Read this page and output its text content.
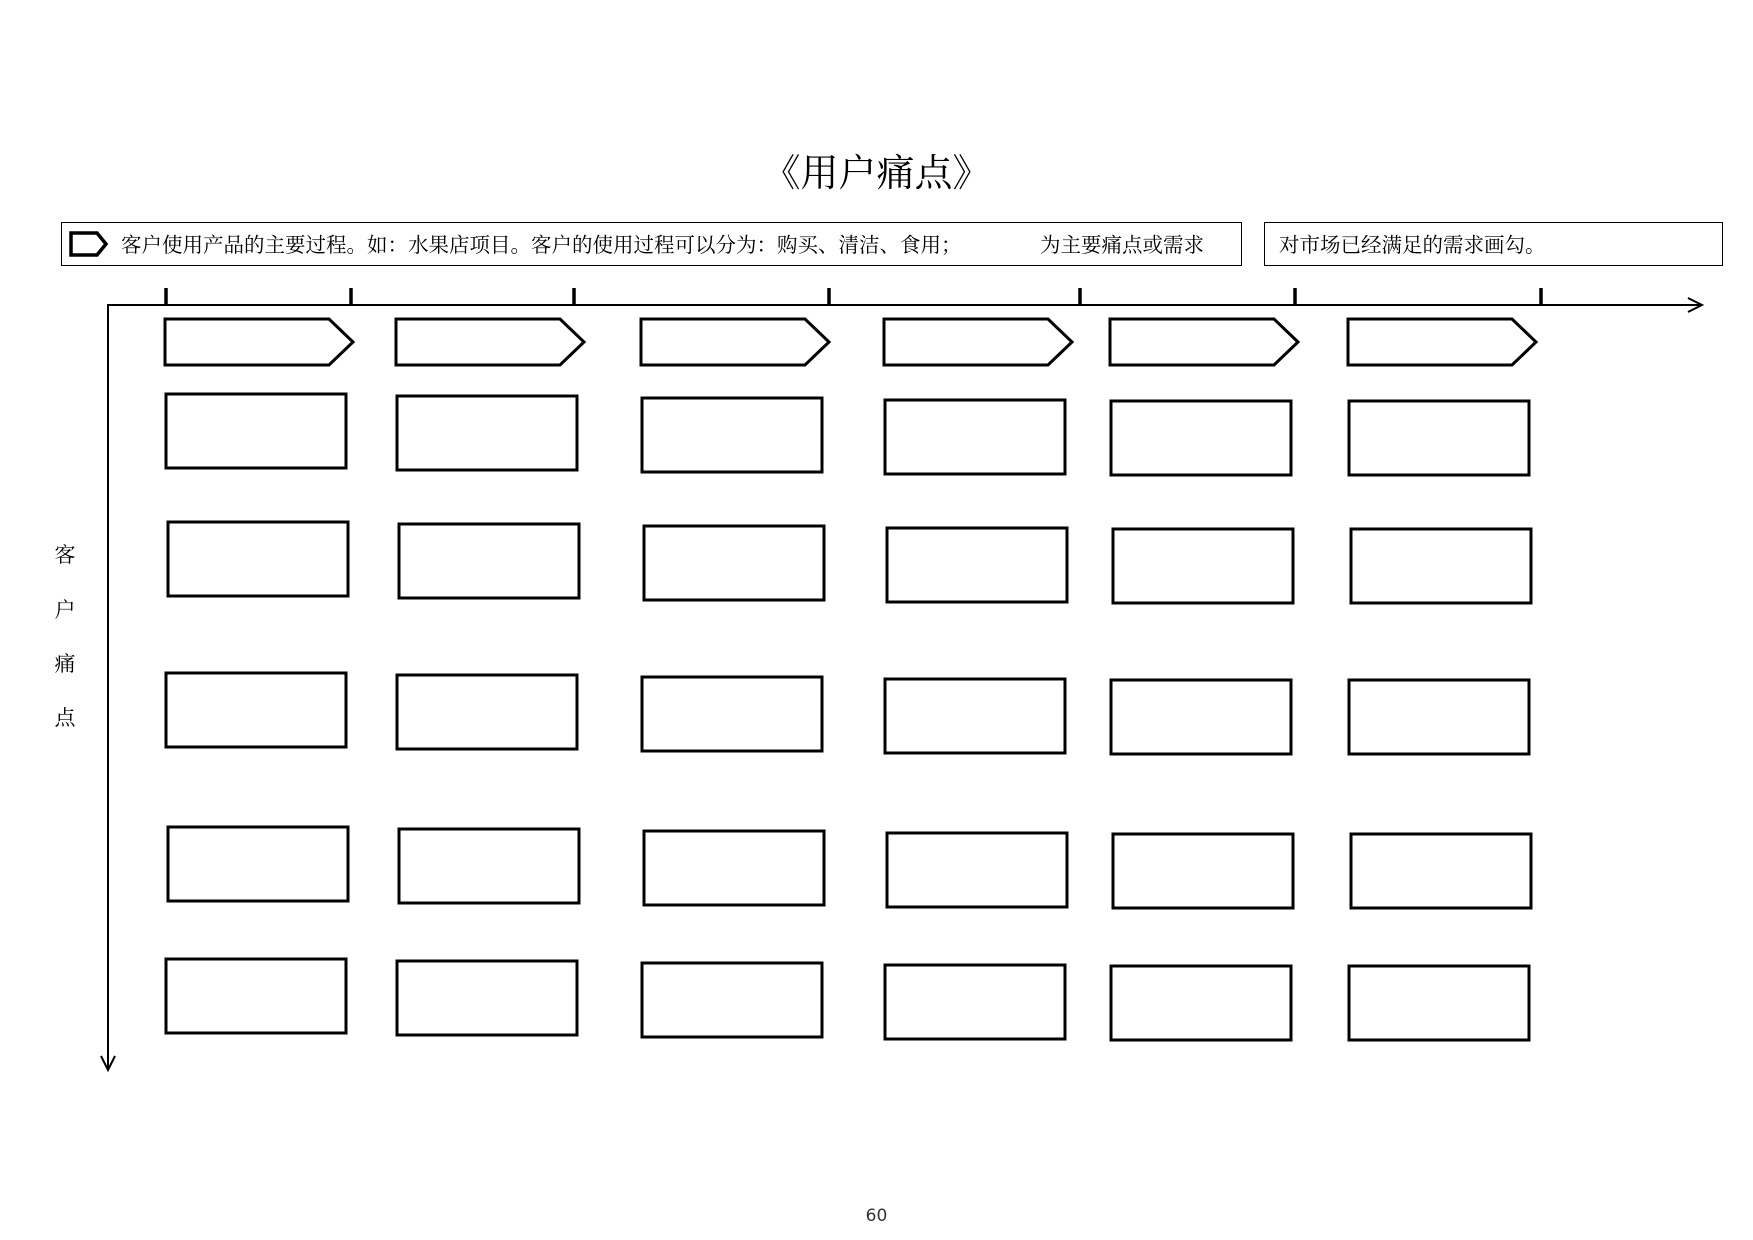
《用户痛点》
客户使用产品的主要过程。如：水果店项目。客户的使用过程可以分为：购买、清洁、食用；	为主要痛点或需求	对市场已经满足的需求画勾。
客
户
痛
点
60
